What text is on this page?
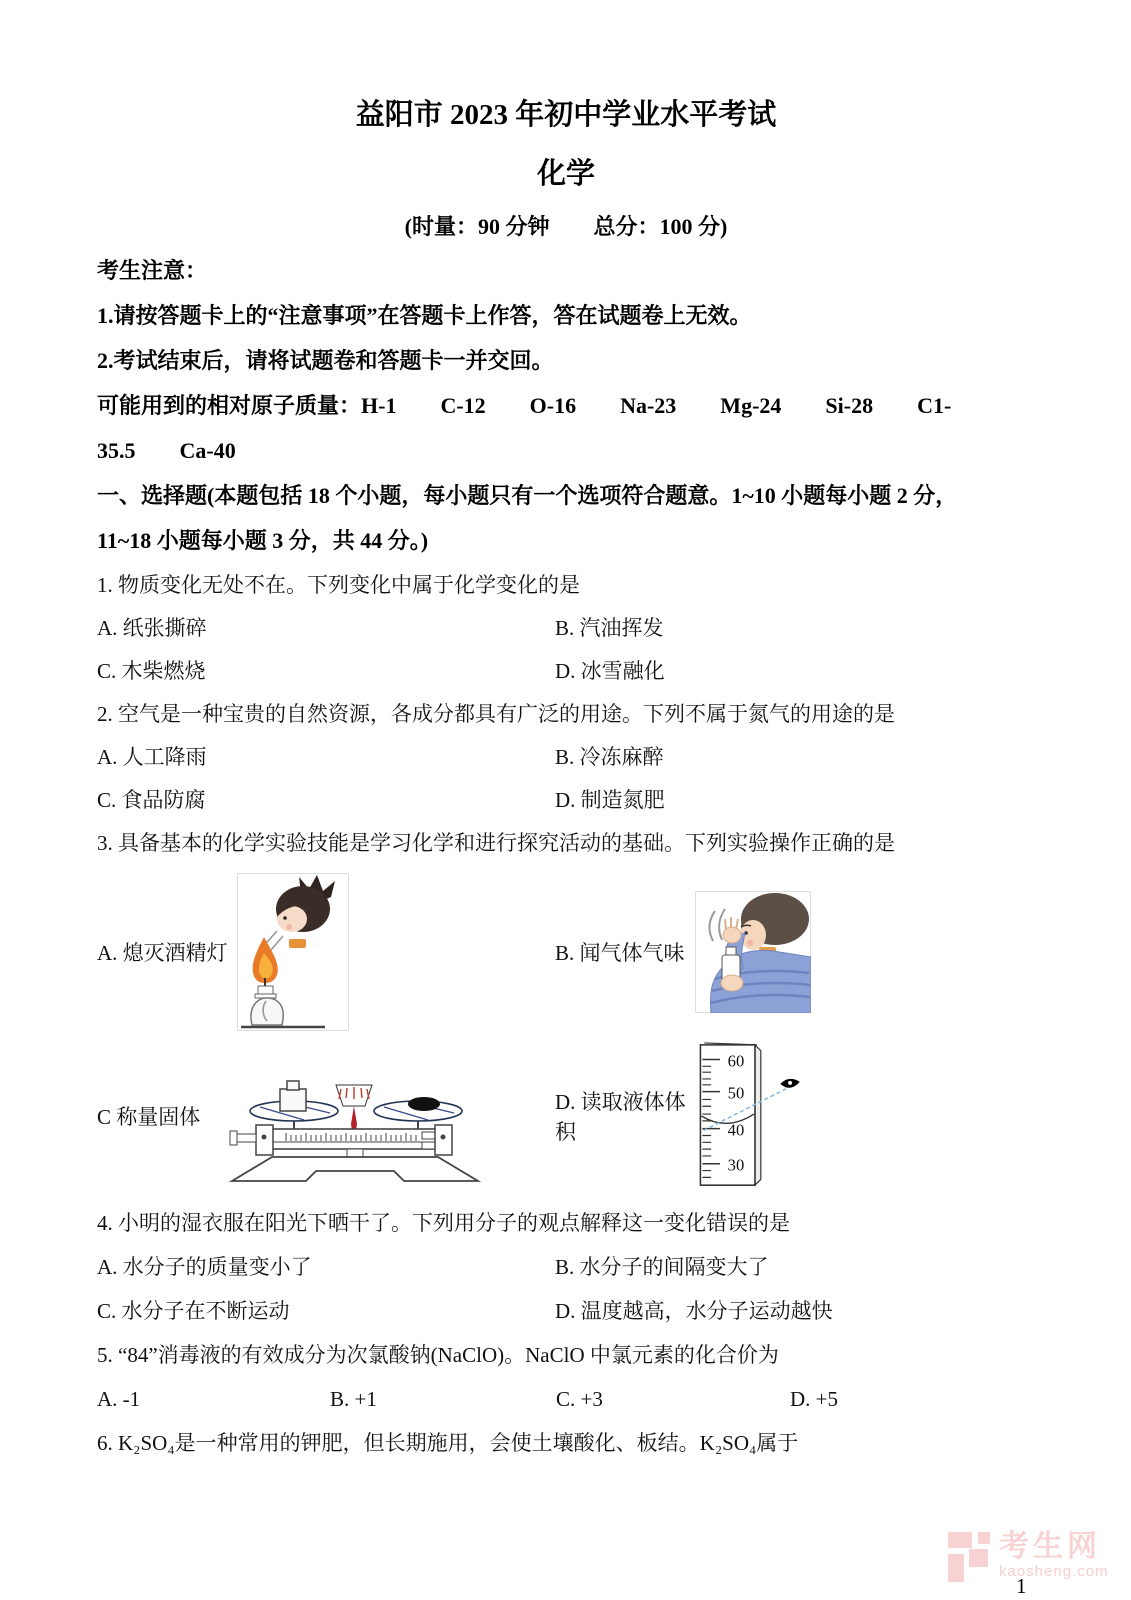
益阳市 2023 年初中学业水平考试
化学
(时量：90 分钟        总分：100 分)
考生注意：
1.请按答题卡上的“注意事项”在答题卡上作答，答在试题卷上无效。
2.考试结束后，请将试题卷和答题卡一并交回。
可能用到的相对原子质量：H-1        C-12        O-16        Na-23        Mg-24        Si-28        C1-
35.5        Ca-40
一、选择题(本题包括 18 个小题，每小题只有一个选项符合题意。1~10 小题每小题 2 分，
11~18 小题每小题 3 分，共 44 分。)
1. 物质变化无处不在。下列变化中属于化学变化的是
A. 纸张撕碎	B. 汽油挥发
C. 木柴燃烧	D. 冰雪融化
2. 空气是一种宝贵的自然资源，各成分都具有广泛的用途。下列不属于氮气的用途的是
A. 人工降雨	B. 冷冻麻醉
C. 食品防腐	D. 制造氮肥
3. 具备基本的化学实验技能是学习化学和进行探究活动的基础。下列实验操作正确的是
A. 熄灭酒精灯	B. 闻气体气味
C 称量固体
D. 读取液体体积
60
50
40
30
4. 小明的湿衣服在阳光下晒干了。下列用分子的观点解释这一变化错误的是
A. 水分子的质量变小了	B. 水分子的间隔变大了
C. 水分子在不断运动	D. 温度越高，水分子运动越快
5. “84”消毒液的有效成分为次氯酸钠(NaClO)。NaClO 中氯元素的化合价为
A. -1	B. +1	C. +3	D. +5
6. K₂SO₄是一种常用的钾肥，但长期施用，会使土壤酸化、板结。K₂SO₄属于
考生网
kaosheng.com
1
